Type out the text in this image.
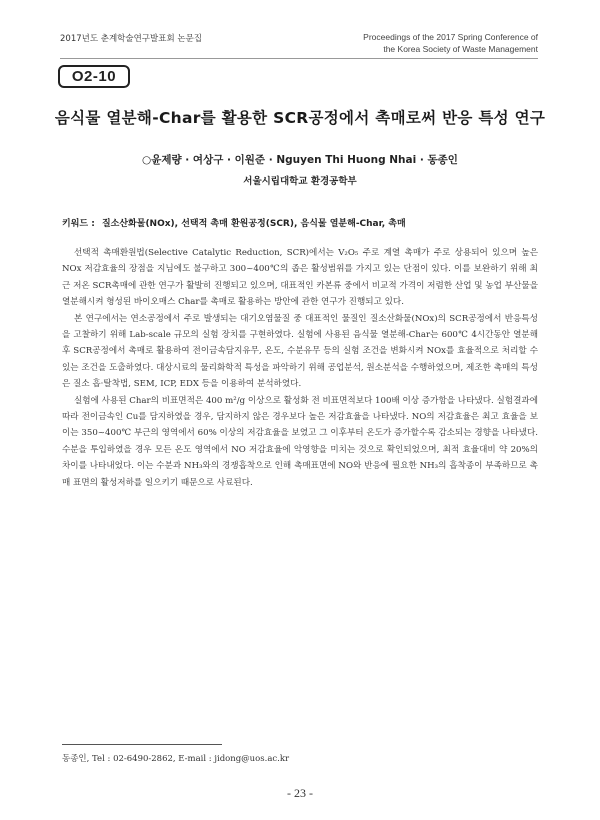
2017년도 춘계학술연구발표회 논문집	Proceedings of the 2017 Spring Conference of
the Korea Society of Waste Management
O2-10
음식물 열분해-Char를 활용한 SCR공정에서 촉매로써 반응 특성 연구
○윤제량 · 여상구 · 이원준 · Nguyen Thi Huong Nhai · 동종인
서울시립대학교 환경공학부
키워드 : 질소산화물(NOx), 선택적 촉매 환원공정(SCR), 음식물 열분해-Char, 촉매

선택적 촉매환원법(Selective Catalytic Reduction, SCR)에서는 V₂O₅ 주로 계열 촉매가 주로 상용되어 있으며 높은 NOx 저감효율의 장점을 지님에도 불구하고 300~400℃의 좁은 활성범위를 가지고 있는 단점이 있다. 이를 보완하기 위해 최근 저온 SCR촉매에 관한 연구가 활발히 진행되고 있으며, 대표적인 카본류 중에서 비교적 가격이 저렴한 산업 및 농업 부산물을 열분해시켜 형성된 바이오매스 Char를 촉매로 활용하는 방안에 관한 연구가 진행되고 있다.

본 연구에서는 연소공정에서 주로 발생되는 대기오염물질 중 대표적인 물질인 질소산화물(NOx)의 SCR공정에서 반응특성을 고찰하기 위해 Lab-scale 규모의 실험 장치를 구현하였다. 실험에 사용된 음식물 열분해-Char는 600℃ 4시간동안 열분해 후 SCR공정에서 촉매로 활용하여 전이금속담지유무, 온도, 수분유무 등의 실험 조건을 변화시켜 NOx를 효율적으로 처리할 수 있는 조건을 도출하였다. 대상시료의 물리화학적 특성을 파악하기 위해 공업분석, 원소분석을 수행하였으며, 제조한 촉매의 특성은 질소 흡·탈착법, SEM, ICP, EDX 등을 이용하여 분석하였다.

실험에 사용된 Char의 비표면적은 400 m²/g 이상으로 활성화 전 비표면적보다 100배 이상 증가함을 나타냈다. 실험결과에 따라 전이금속인 Cu를 담지하였을 경우, 담지하지 않은 경우보다 높은 저감효율을 나타냈다. NO의 저감효율은 최고 효율을 보이는 350~400℃ 부근의 영역에서 60% 이상의 저감효율을 보였고 그 이후부터 온도가 증가할수록 감소되는 경향을 나타냈다. 수분을 투입하였을 경우 모든 온도 영역에서 NO 저감효율에 악영향을 미치는 것으로 확인되었으며, 최적 효율대비 약 20%의 차이를 나타내었다. 이는 수분과 NH₃와의 경쟁흡착으로 인해 촉매표면에 NO와 반응에 필요한 NH₃의 흡착종이 부족하므로 촉매 표면의 활성저하를 일으키기 때문으로 사료된다.

동종인, Tel : 02-6490-2862, E-mail : jidong@uos.ac.kr
- 23 -
